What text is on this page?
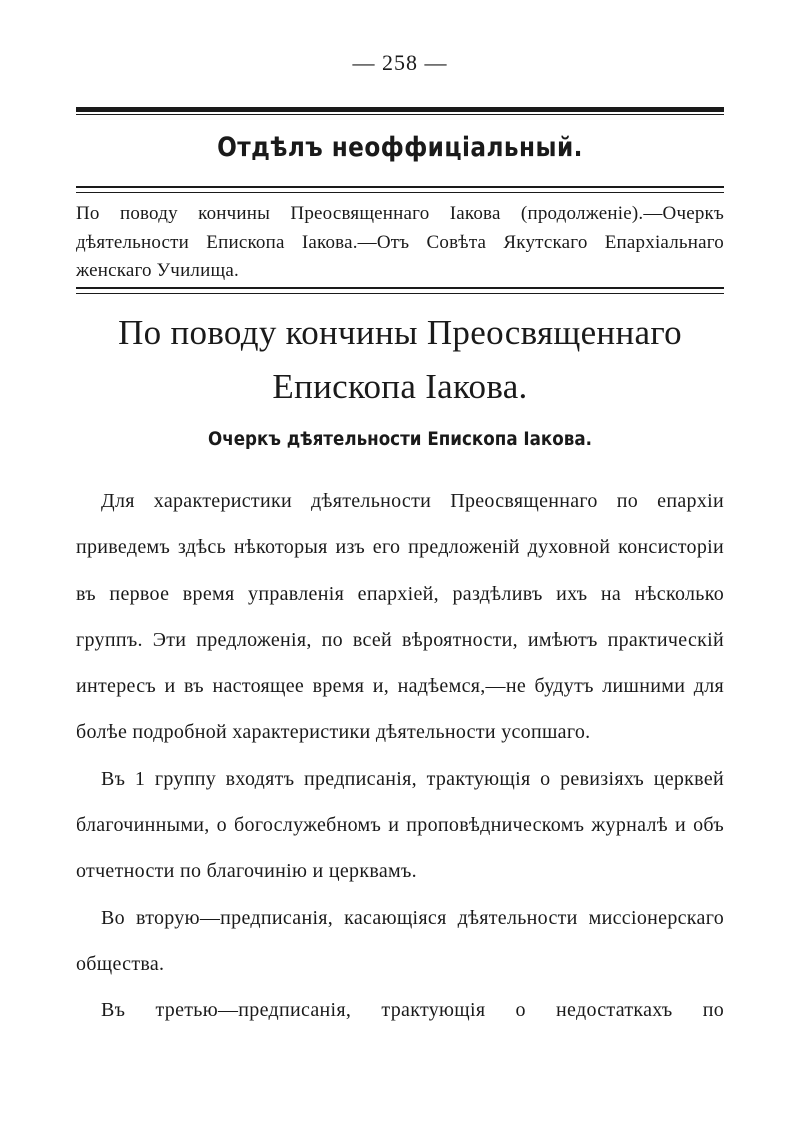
— 258 —
Отдѣлъ неоффиціальный.
По поводу кончины Преосвященнаго Іакова (продолженіе).—Очеркъ дѣятельности Епископа Іакова.—Отъ Совѣта Якутскаго Епархіальнаго женскаго Училища.
По поводу кончины Преосвященнаго
Епископа Іакова.
Очеркъ дѣятельности Епископа Іакова.

Для характеристики дѣятельности Преосвященнаго по епархіи приведемъ здѣсь нѣкоторыя изъ его предложеній духовной консисторіи въ первое время управленія епархіей, раздѣливъ ихъ на нѣсколько группъ. Эти предложенія, по всей вѣроятности, имѣютъ практическій интересъ и въ настоящее время и, надѣемся,—не будутъ лишними для болѣе подробной характеристики дѣятельности усопшаго.

Въ 1 группу входятъ предписанія, трактующія о ревизіяхъ церквей благочинными, о богослужебномъ и проповѣдническомъ журналѣ и объ отчетности по благочинію и церквамъ.

Во вторую—предписанія, касающіяся дѣятельности миссіонерскаго общества.

Въ третью—предписанія, трактующія о недостаткахъ по
